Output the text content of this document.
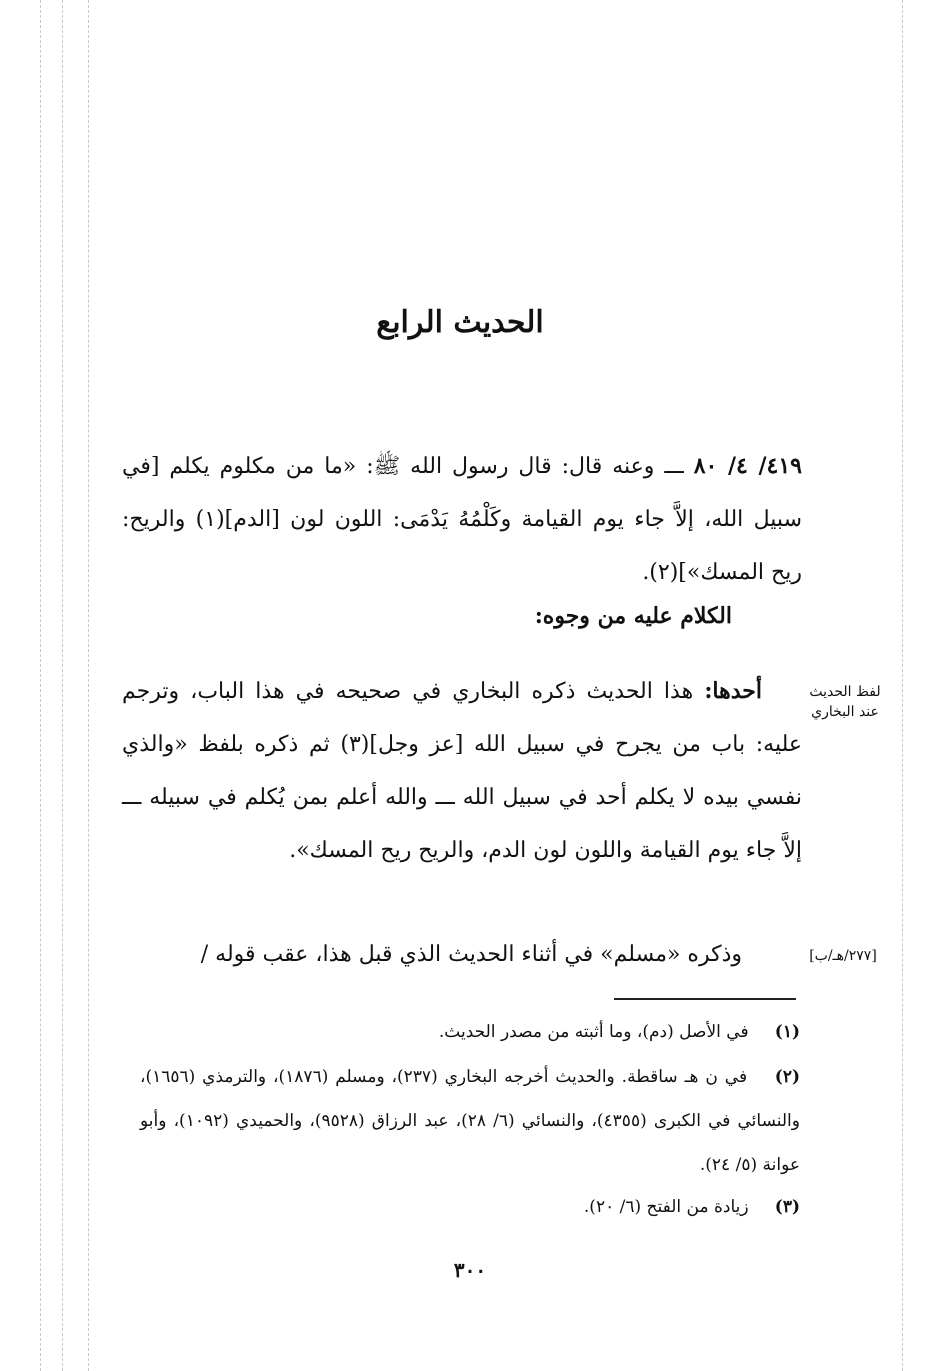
الحديث الرابع
٤١٩/ ٤/ ٨٠ ـــ وعنه قال: قال رسول الله ﷺ: «ما من مكلوم يكلم [في سبيل الله، إلاَّ جاء يوم القيامة وكَلْمُهُ يَدْمَى: اللون لون [الدم](١) والريح: ريح المسك»](٢).
الكلام عليه من وجوه:
لفظ الحديث عند البخاري
أحدها: هذا الحديث ذكره البخاري في صحيحه في هذا الباب، وترجم عليه: باب من يجرح في سبيل الله [عز وجل](٣) ثم ذكره بلفظ «والذي نفسي بيده لا يكلم أحد في سبيل الله ـــ والله أعلم بمن يُكلم في سبيله ـــ إلاَّ جاء يوم القيامة واللون لون الدم، والريح ريح المسك».
[٢٧٧/هـ/ب]
وذكره «مسلم» في أثناء الحديث الذي قبل هذا، عقب قوله /
(١) في الأصل (دم)، وما أثبته من مصدر الحديث.
(٢) في ن هـ ساقطة. والحديث أخرجه البخاري (٢٣٧)، ومسلم (١٨٧٦)، والترمذي (١٦٥٦)، والنسائي في الكبرى (٤٣٥٥)، والنسائي (٦/ ٢٨)، عبد الرزاق (٩٥٢٨)، والحميدي (١٠٩٢)، وأبو عوانة (٥/ ٢٤).
(٣) زيادة من الفتح (٦/ ٢٠).
٣٠٠
